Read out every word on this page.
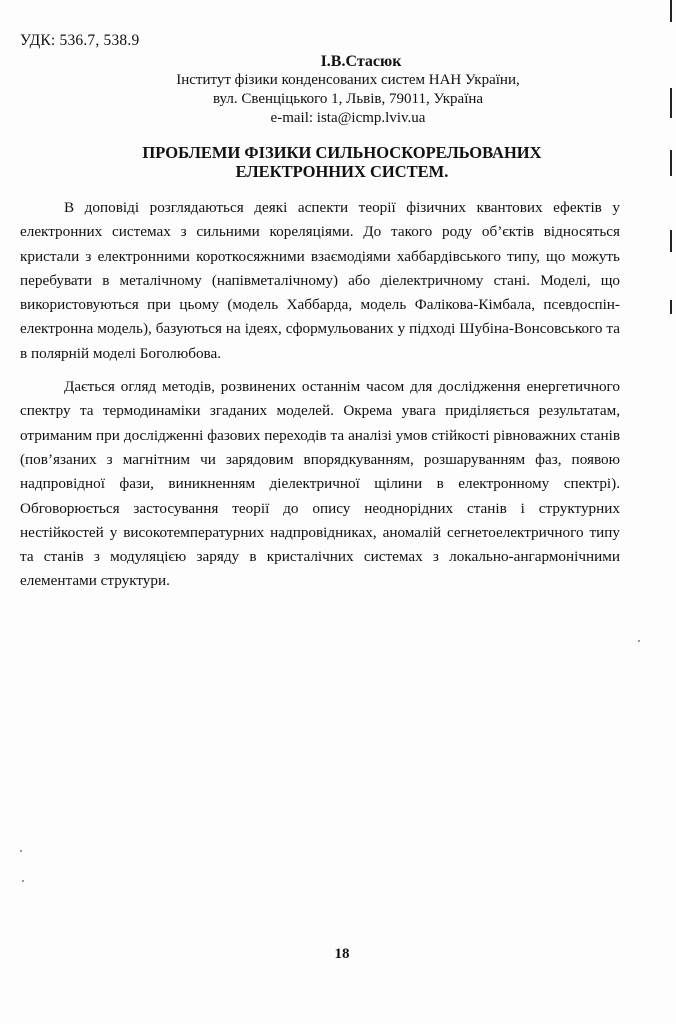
УДК: 536.7, 538.9
І.В.Стасюк
Інститут фізики конденсованих систем НАН України,
вул. Свенціцького 1, Львів, 79011, Україна
e-mail: ista@icmp.lviv.ua
ПРОБЛЕМИ ФІЗИКИ СИЛЬНОСКОРЕЛЬОВАНИХ
ЕЛЕКТРОННИХ СИСТЕМ.

В доповіді розглядаються деякі аспекти теорії фізичних квантових ефектів у електронних системах з сильними кореляціями. До такого роду об’єктів відносяться кристали з електронними короткосяжними взаємодіями хаббардівського типу, що можуть перебувати в металічному (напівметалічному) або діелектричному стані. Моделі, що використовуються при цьому (модель Хаббарда, модель Фалікова-Кімбала, псевдоспін-електронна модель), базуються на ідеях, сформульованих у підході Шубіна-Вонсовського та в полярній моделі Боголюбова.

Дається огляд методів, розвинених останнім часом для дослідження енергетичного спектру та термодинаміки згаданих моделей. Окрема увага приділяється результатам, отриманим при дослідженні фазових переходів та аналізі умов стійкості рівноважних станів (пов’язаних з магнітним чи зарядовим впорядкуванням, розшаруванням фаз, появою надпровідної фази, виникненням діелектричної щілини в електронному спектрі). Обговорюється застосування теорії до опису неоднорідних станів і структурних нестійкостей у високотемпературних надпровідниках, аномалій сегнетоелектричного типу та станів з модуляцією заряду в кристалічних системах з локально-ангармонічними елементами структури.

18
